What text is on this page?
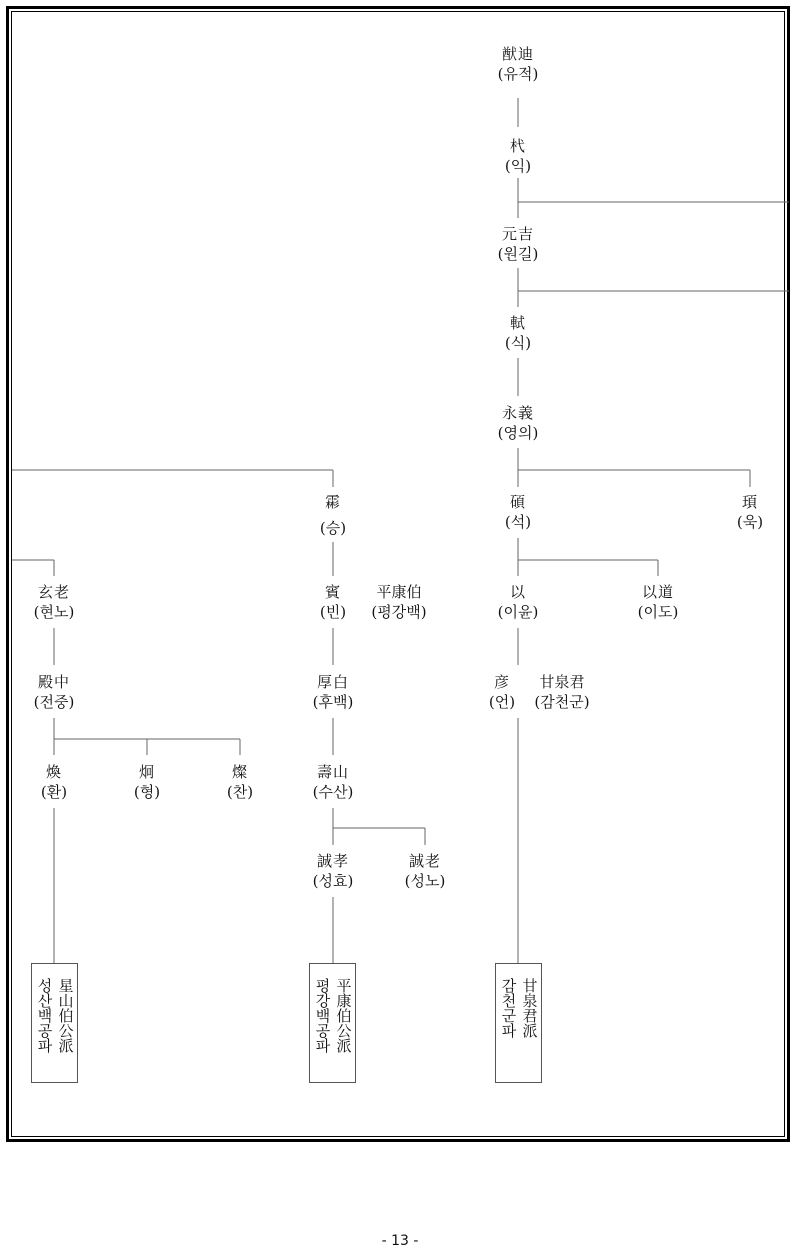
猷迪
(유적)
杙
(익)
元吉
(원길)
軾
(식)
永義
(영의)
霦
(승)
碩
(석)
頊
(욱)
玄老
(현노)
賓
(빈)
平康伯
(평강백)
以
(이윤)
以道
(이도)
殿中
(전중)
厚白
(후백)
彦
(언)
甘泉君
(감천군)
煥
(환)
炯
(형)
燦
(찬)
壽山
(수산)
誠孝
(성효)
誠老
(성노)
성산백공파 星山伯公派	평강백공파 平康伯公派	감천군파 甘泉君派
- 13 -
